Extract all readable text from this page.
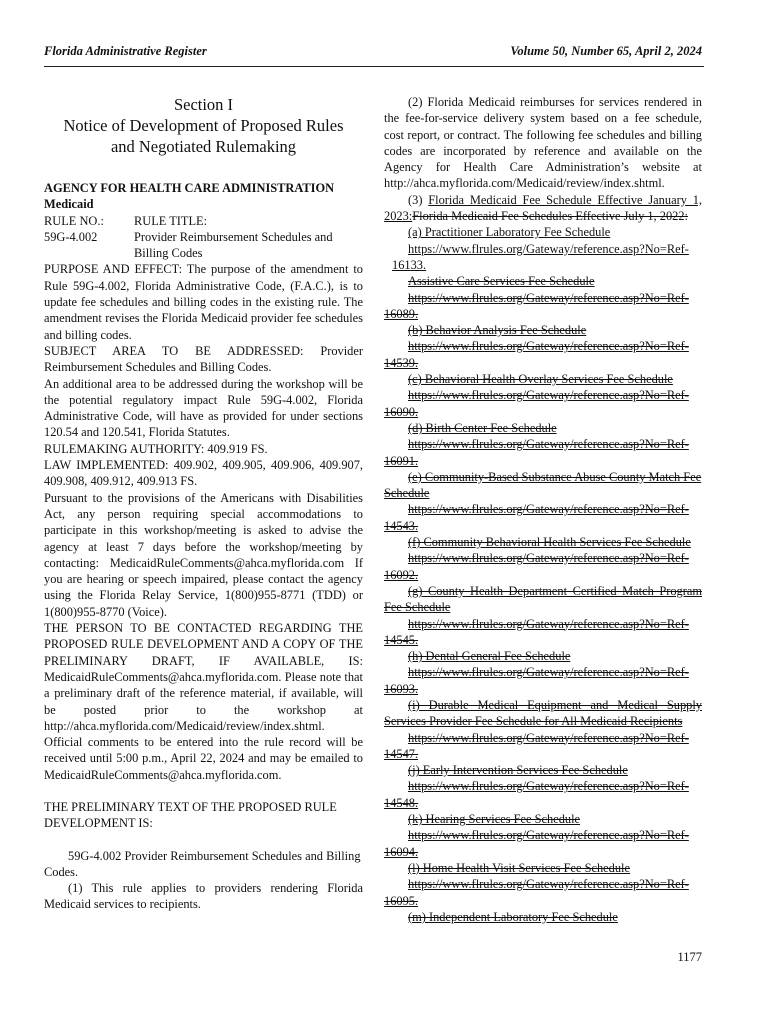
Florida Administrative Register	Volume 50, Number 65, April 2, 2024
Section I
Notice of Development of Proposed Rules
and Negotiated Rulemaking

AGENCY FOR HEALTH CARE ADMINISTRATION

Medicaid

RULE NO.:	RULE TITLE:
59G-4.002	Provider Reimbursement Schedules and Billing Codes

PURPOSE AND EFFECT: The purpose of the amendment to Rule 59G-4.002, Florida Administrative Code, (F.A.C.), is to update fee schedules and billing codes in the existing rule. The amendment revises the Florida Medicaid provider fee schedules and billing codes.

SUBJECT AREA TO BE ADDRESSED: Provider

Reimbursement Schedules and Billing Codes.

An additional area to be addressed during the workshop will be the potential regulatory impact Rule 59G-4.002, Florida Administrative Code, will have as provided for under sections 120.54 and 120.541, Florida Statutes.

RULEMAKING AUTHORITY: 409.919 FS.

LAW IMPLEMENTED: 409.902, 409.905, 409.906, 409.907, 409.908, 409.912, 409.913 FS.

Pursuant to the provisions of the Americans with Disabilities Act, any person requiring special accommodations to participate in this workshop/meeting is asked to advise the agency at least 7 days before the workshop/meeting by contacting: MedicaidRuleComments@ahca.myflorida.com If you are hearing or speech impaired, please contact the agency using the Florida Relay Service, 1(800)955-8771 (TDD) or 1(800)955-8770 (Voice).

THE PERSON TO BE CONTACTED REGARDING THE PROPOSED RULE DEVELOPMENT AND A COPY OF THE PRELIMINARY DRAFT, IF AVAILABLE, IS: MedicaidRuleComments@ahca.myflorida.com. Please note that a preliminary draft of the reference material, if available, will be posted prior to the workshop at

http://ahca.myflorida.com/Medicaid/review/index.shtml.

Official comments to be entered into the rule record will be received until 5:00 p.m., April 22, 2024 and may be emailed to MedicaidRuleComments@ahca.myflorida.com.

THE PRELIMINARY TEXT OF THE PROPOSED RULE DEVELOPMENT IS:

59G-4.002 Provider Reimbursement Schedules and Billing Codes.

(1) This rule applies to providers rendering Florida Medicaid services to recipients.

(2) Florida Medicaid reimburses for services rendered in the fee-for-service delivery system based on a fee schedule, cost report, or contract. The following fee schedules and billing codes are incorporated by reference and available on the Agency for Health Care Administration’s website at http://ahca.myflorida.com/Medicaid/review/index.shtml.

(3) Florida Medicaid Fee Schedule Effective January 1, 2023:Florida Medicaid Fee Schedules Effective July 1, 2022:

(a) Practitioner Laboratory Fee Schedule

https://www.flrules.org/Gateway/reference.asp?No=Ref-

16133.

Assistive Care Services Fee Schedule

https://www.flrules.org/Gateway/reference.asp?No=Ref-

16089.

(b) Behavior Analysis Fee Schedule

https://www.flrules.org/Gateway/reference.asp?No=Ref-

14539.

(c) Behavioral Health Overlay Services Fee Schedule

https://www.flrules.org/Gateway/reference.asp?No=Ref-

16090.

(d) Birth Center Fee Schedule

https://www.flrules.org/Gateway/reference.asp?No=Ref-

16091.

(e) Community-Based Substance Abuse County Match Fee

Schedule

https://www.flrules.org/Gateway/reference.asp?No=Ref-

14543.

(f) Community Behavioral Health Services Fee Schedule

https://www.flrules.org/Gateway/reference.asp?No=Ref-

16092.

(g) County Health Department Certified Match Program

Fee Schedule

https://www.flrules.org/Gateway/reference.asp?No=Ref-

14545.

(h) Dental General Fee Schedule

https://www.flrules.org/Gateway/reference.asp?No=Ref-

16093.

(i) Durable Medical Equipment and Medical Supply

Services Provider Fee Schedule for All Medicaid Recipients

https://www.flrules.org/Gateway/reference.asp?No=Ref-

14547.

(j) Early Intervention Services Fee Schedule

https://www.flrules.org/Gateway/reference.asp?No=Ref-

14548.

(k) Hearing Services Fee Schedule

https://www.flrules.org/Gateway/reference.asp?No=Ref-

16094.

(l) Home Health Visit Services Fee Schedule

https://www.flrules.org/Gateway/reference.asp?No=Ref-

16095.

(m) Independent Laboratory Fee Schedule

1177
